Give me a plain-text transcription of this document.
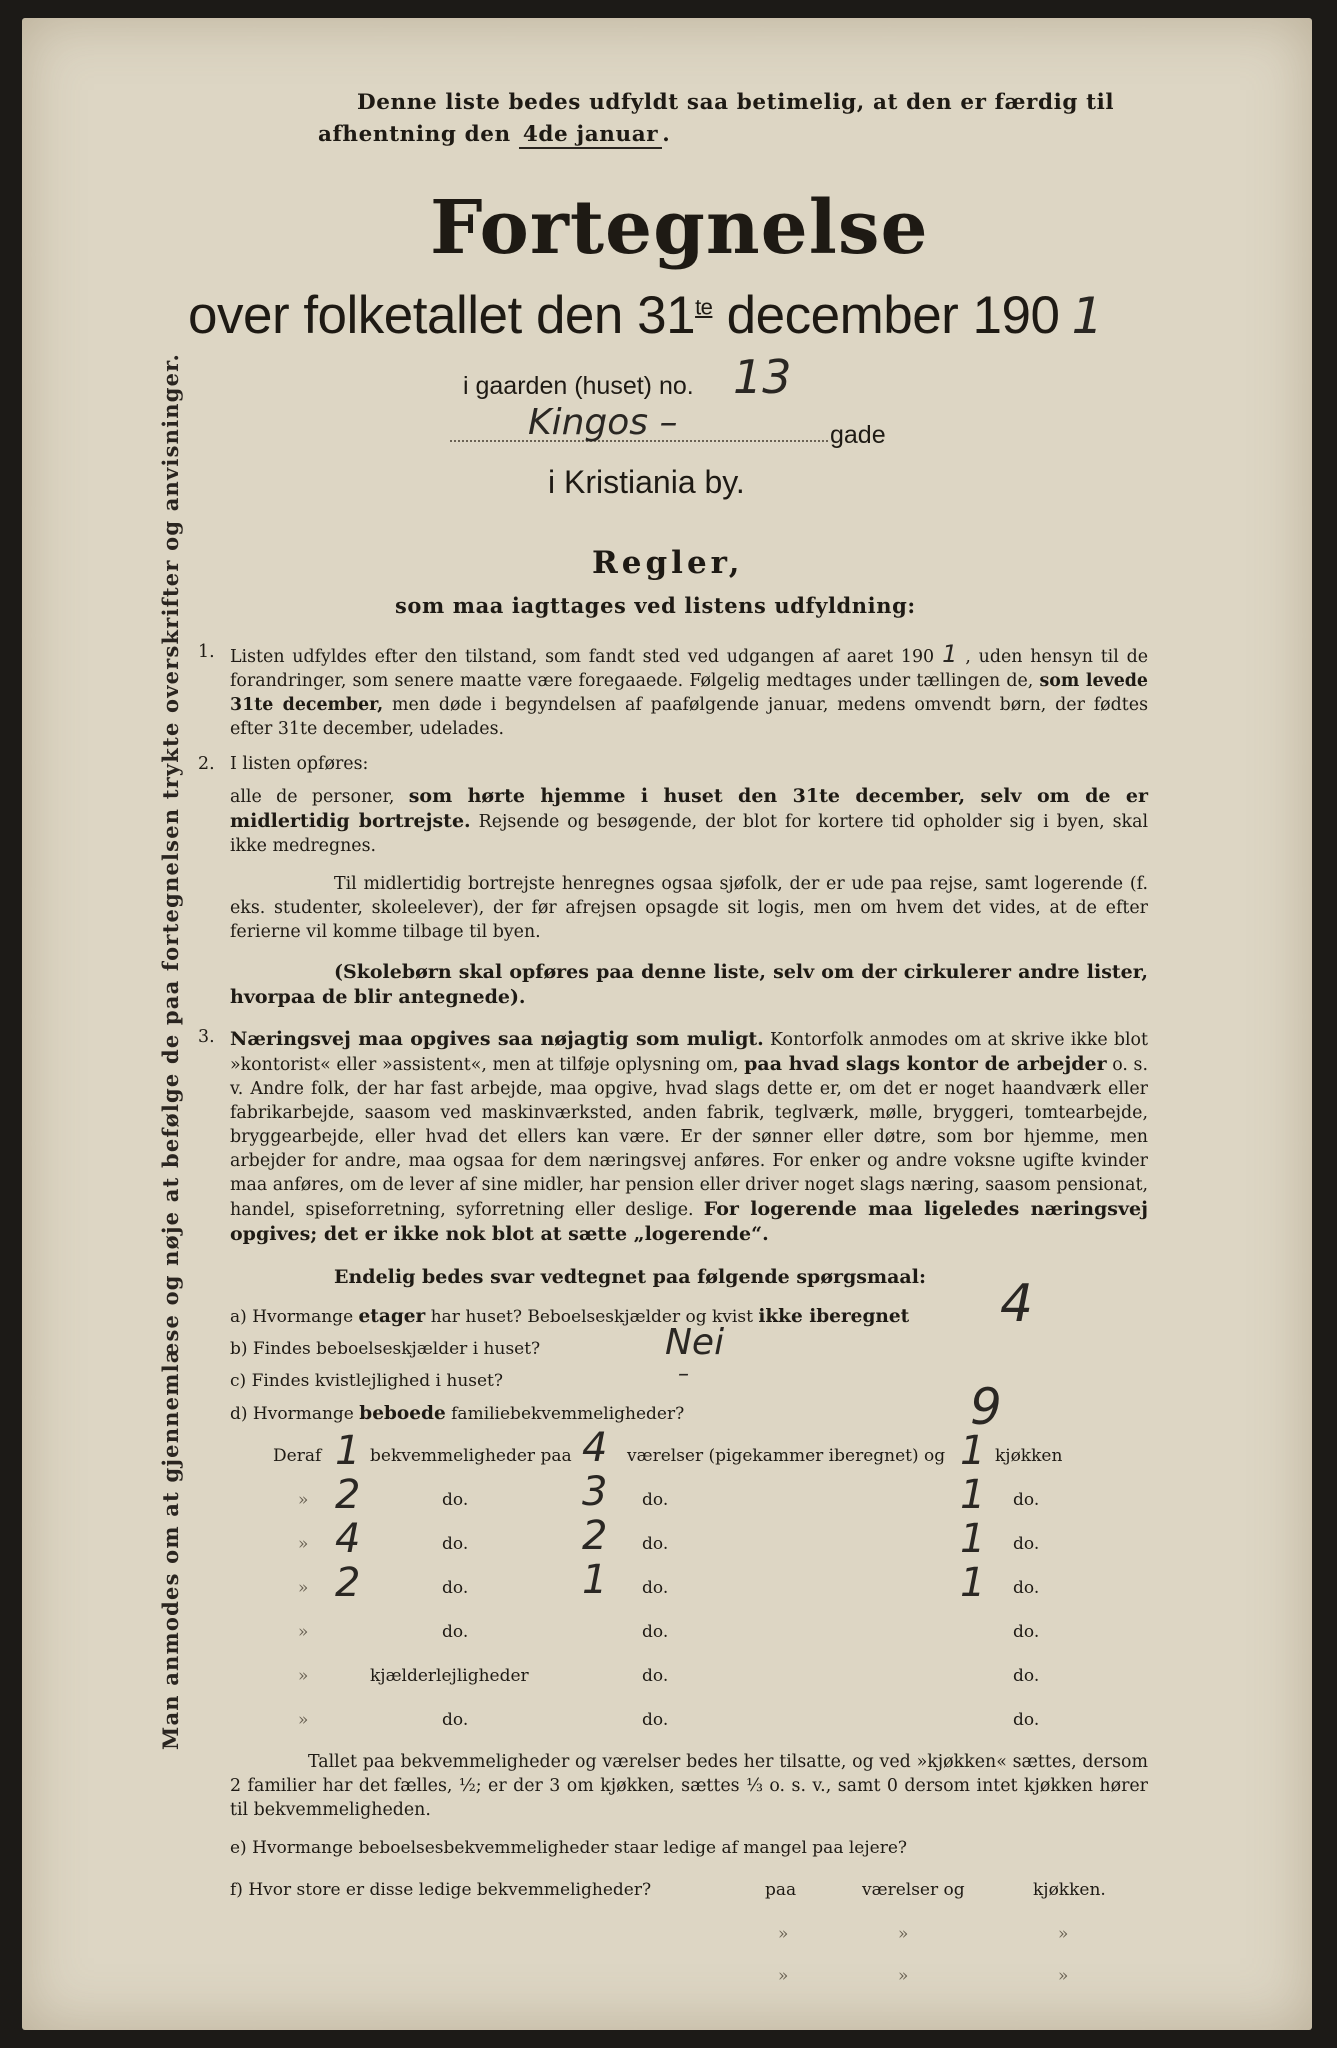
Man anmodes om at gjennemlæse og nøje at befølge de paa fortegnelsen trykte overskrifter og anvisninger.
Denne liste bedes udfyldt saa betimelig, at den er færdig til
afhentning den 4de januar .
Fortegnelse
over folketallet den $31^{te}$ december 190 1
i gaarden (huset) no. 13
Kingos –	gade
i Kristiania by.
Regler,
som maa iagttages ved listens udfyldning:
1. Listen udfyldes efter den tilstand, som fandt sted ved udgangen af aaret 190 1 , uden hensyn til de forandringer, som senere maatte være foregaaede. Følgelig medtages under tællingen de, som levede 31te december, men døde i begyndelsen af paafølgende januar, medens omvendt børn, der fødtes efter 31te december, udelades.
2. I listen opføres:
alle de personer, som hørte hjemme i huset den 31te december, selv om de er midlertidig bortrejste. Rejsende og besøgende, der blot for kortere tid opholder sig i byen, skal ikke medregnes.
Til midlertidig bortrejste henregnes ogsaa sjøfolk, der er ude paa rejse, samt logerende (f. eks. studenter, skoleelever), der før afrejsen opsagde sit logis, men om hvem det vides, at de efter ferierne vil komme tilbage til byen.
(Skolebørn skal opføres paa denne liste, selv om der cirkulerer andre lister, hvorpaa de blir antegnede).
3. Næringsvej maa opgives saa nøjagtig som muligt. Kontorfolk anmodes om at skrive ikke blot »kontorist« eller »assistent«, men at tilføje oplysning om, paa hvad slags kontor de arbejder o. s. v. Andre folk, der har fast arbejde, maa opgive, hvad slags dette er, om det er noget haandværk eller fabrikarbejde, saasom ved maskinværksted, anden fabrik, teglværk, mølle, bryggeri, tomtearbejde, bryggearbejde, eller hvad det ellers kan være. Er der sønner eller døtre, som bor hjemme, men arbejder for andre, maa ogsaa for dem næringsvej anføres. For enker og andre voksne ugifte kvinder maa anføres, om de lever af sine midler, har pension eller driver noget slags næring, saasom pensionat, handel, spiseforretning, syforretning eller deslige. For logerende maa ligeledes næringsvej opgives; det er ikke nok blot at sætte „logerende“.
Endelig bedes svar vedtegnet paa følgende spørgsmaal:
a) Hvormange etager har huset? Beboelseskjælder og kvist ikke iberegnet 4
b) Findes beboelseskjælder i huset?	Nei
c) Findes kvistlejlighed i huset?	–
d) Hvormange beboede familiebekvemmeligheder?	9
Deraf	bekvemmeligheder paa	værelser (pigekammer iberegnet) og	kjøkken
1	4	1
» 2	do.	3 do.	1 do.
» 4	do.	2 do.	1 do.
» 2	do.	1 do.	1 do.
»	do.	do.	do.
»	kjælderlejligheder	do.	do.
»	do.	do.	do.
Tallet paa bekvemmeligheder og værelser bedes her tilsatte, og ved »kjøkken« sættes, dersom 2 familier har det fælles, ½; er der 3 om kjøkken, sættes ⅓ o. s. v., samt 0 dersom intet kjøkken hører til bekvemmeligheden.
e) Hvormange beboelsesbekvemmeligheder staar ledige af mangel paa lejere?
f) Hvor store er disse ledige bekvemmeligheder?	paa	værelser og	kjøkken.
»	»	»
»	»	»
